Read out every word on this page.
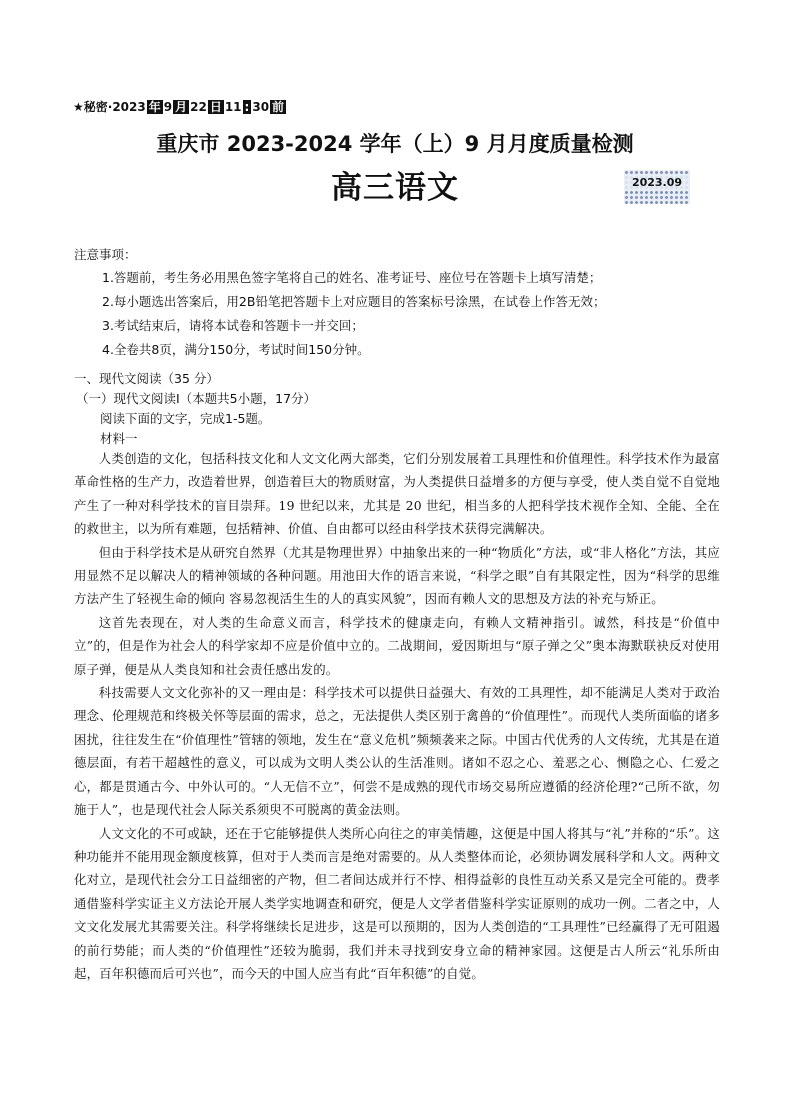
★秘密·2023 年 9 月 22 日 11 : 30 前
重庆市 2023-2024 学年（上）9 月月度质量检测
高三语文	2023.09
注意事项：
1.答题前，考生务必用黑色签字笔将自己的姓名、准考证号、座位号在答题卡上填写清楚；
2.每小题选出答案后，用2B铅笔把答题卡上对应题目的答案标号涂黑，在试卷上作答无效；
3.考试结束后，请将本试卷和答题卡一并交回；
4.全卷共8页，满分150分，考试时间150分钟。
一、现代文阅读（35 分）
（一）现代文阅读Ⅰ（本题共5小题，17分）
阅读下面的文字，完成1-5题。
材料一

人类创造的文化，包括科技文化和人文文化两大部类，它们分别发展着工具理性和价值理性。科学技术作为最富革命性格的生产力，改造着世界，创造着巨大的物质财富，为人类提供日益增多的方便与享受，使人类自觉不自觉地产生了一种对科学技术的盲目崇拜。19 世纪以来，尤其是 20 世纪，相当多的人把科学技术视作全知、全能、全在的救世主，以为所有难题，包括精神、价值、自由都可以经由科学技术获得完满解决。

但由于科学技术是从研究自然界（尤其是物理世界）中抽象出来的一种“物质化”方法，或“非人格化”方法，其应用显然不足以解决人的精神领域的各种问题。用池田大作的语言来说，“科学之眼”自有其限定性，因为“科学的思维方法产生了轻视生命的倾向 容易忽视活生生的人的真实风貌”，因而有赖人文的思想及方法的补充与矫正。

这首先表现在，对人类的生命意义而言，科学技术的健康走向，有赖人文精神指引。诚然，科技是“价值中立”的，但是作为社会人的科学家却不应是价值中立的。二战期间，爱因斯坦与“原子弹之父”奥本海默联袂反对使用原子弹，便是从人类良知和社会责任感出发的。

科技需要人文文化弥补的又一理由是：科学技术可以提供日益强大、有效的工具理性，却不能满足人类对于政治理念、伦理规范和终极关怀等层面的需求，总之，无法提供人类区别于禽兽的“价值理性”。而现代人类所面临的诸多困扰，往往发生在“价值理性”管辖的领地，发生在“意义危机”频频袭来之际。中国古代优秀的人文传统，尤其是在道德层面，有若干超越性的意义，可以成为文明人类公认的生活准则。诸如不忍之心、羞恶之心、恻隐之心、仁爱之心，都是贯通古今、中外认可的。“人无信不立”，何尝不是成熟的现代市场交易所应遵循的经济伦理?“己所不欲，勿施于人”，也是现代社会人际关系须臾不可脱离的黄金法则。

人文文化的不可或缺，还在于它能够提供人类所心向往之的审美情趣，这便是中国人将其与“礼”并称的“乐”。这种功能并不能用现金额度核算，但对于人类而言是绝对需要的。从人类整体而论，必须协调发展科学和人文。两种文化对立，是现代社会分工日益细密的产物，但二者间达成并行不悖、相得益彰的良性互动关系又是完全可能的。费孝通借鉴科学实证主义方法论开展人类学实地调查和研究，便是人文学者借鉴科学实证原则的成功一例。二者之中，人文文化发展尤其需要关注。科学将继续长足进步，这是可以预期的，因为人类创造的“工具理性”已经赢得了无可阻遏的前行势能；而人类的“价值理性”还较为脆弱，我们并未寻找到安身立命的精神家园。这便是古人所云“礼乐所由起，百年积德而后可兴也”，而今天的中国人应当有此“百年积德”的自觉。
